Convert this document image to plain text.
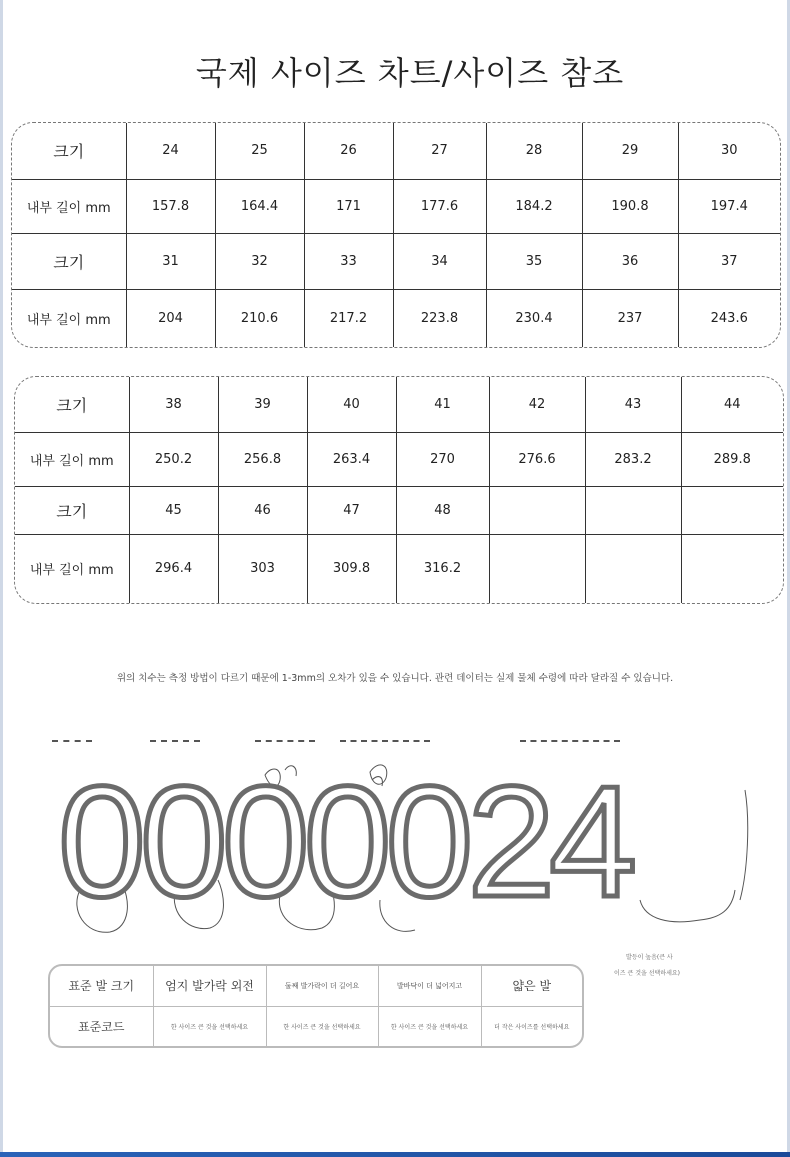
국제 사이즈 차트/사이즈 참조
크기	24	25	26	27	28	29	30
내부 길이 mm	157.8	164.4	171	177.6	184.2	190.8	197.4
크기	31	32	33	34	35	36	37
내부 길이 mm	204	210.6	217.2	223.8	230.4	237	243.6
크기	38	39	40	41	42	43	44
내부 길이 mm	250.2	256.8	263.4	270	276.6	283.2	289.8
크기	45	46	47	48			
내부 길이 mm	296.4	303	309.8	316.2			
위의 치수는 측정 방법이 다르기 때문에 1-3mm의 오차가 있을 수 있습니다. 관련 데이터는 실제 물체 수령에 따라 달라질 수 있습니다.
0000024
발등이 높음(큰 사
이즈 큰 것을 선택하세요)
표준 발 크기	엄지 발가락 외전	둘째 발가락이 더 길어요	발바닥이 더 넓어지고	얇은 발
표준코드	한 사이즈 큰 것을 선택하세요	한 사이즈 큰 것을 선택하세요	한 사이즈 큰 것을 선택하세요	더 작은 사이즈를 선택하세요
